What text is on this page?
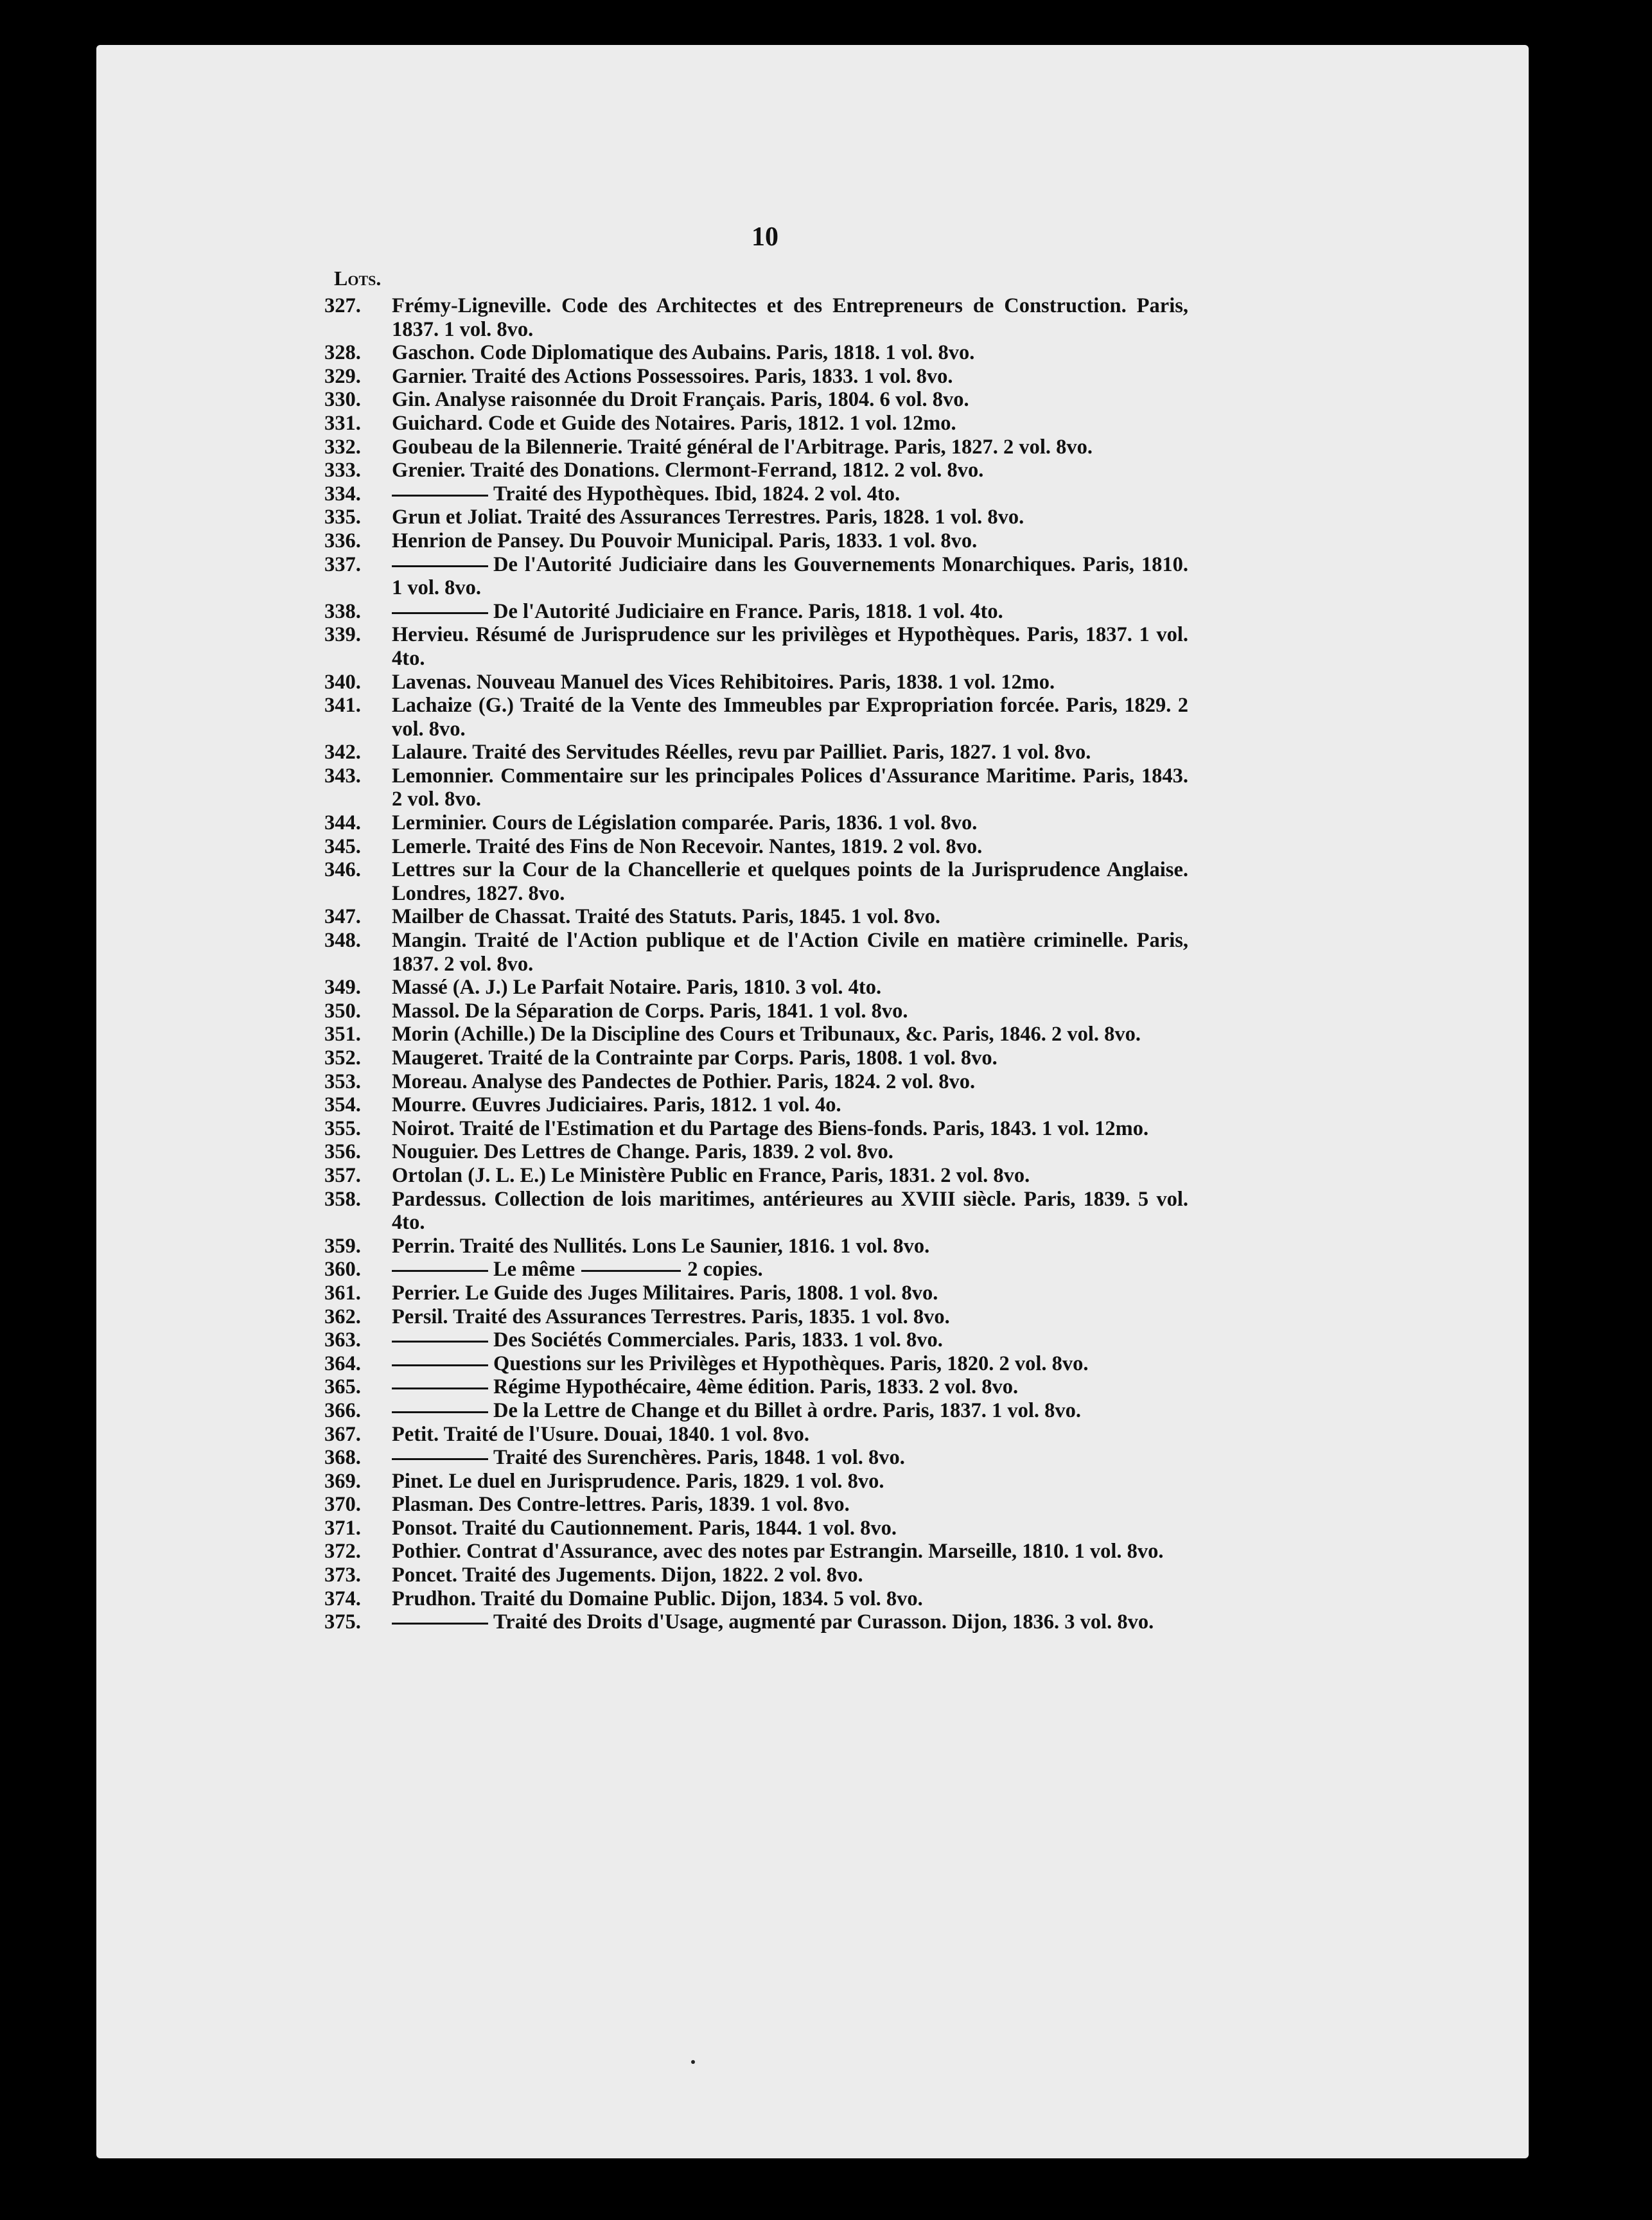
10
Lots.
327.	Frémy-Ligneville. Code des Architectes et des Entrepreneurs de Construction. Paris, 1837. 1 vol. 8vo.
328.	Gaschon. Code Diplomatique des Aubains. Paris, 1818. 1 vol. 8vo.
329.	Garnier. Traité des Actions Possessoires. Paris, 1833. 1 vol. 8vo.
330.	Gin. Analyse raisonnée du Droit Français. Paris, 1804. 6 vol. 8vo.
331.	Guichard. Code et Guide des Notaires. Paris, 1812. 1 vol. 12mo.
332.	Goubeau de la Bilennerie. Traité général de l'Arbitrage. Paris, 1827. 2 vol. 8vo.
333.	Grenier. Traité des Donations. Clermont-Ferrand, 1812. 2 vol. 8vo.
334.	Traité des Hypothèques. Ibid, 1824. 2 vol. 4to.
335.	Grun et Joliat. Traité des Assurances Terrestres. Paris, 1828. 1 vol. 8vo.
336.	Henrion de Pansey. Du Pouvoir Municipal. Paris, 1833. 1 vol. 8vo.
337.	De l'Autorité Judiciaire dans les Gouvernements Monarchiques. Paris, 1810. 1 vol. 8vo.
338.	De l'Autorité Judiciaire en France. Paris, 1818. 1 vol. 4to.
339.	Hervieu. Résumé de Jurisprudence sur les privilèges et Hypothèques. Paris, 1837. 1 vol. 4to.
340.	Lavenas. Nouveau Manuel des Vices Rehibitoires. Paris, 1838. 1 vol. 12mo.
341.	Lachaize (G.) Traité de la Vente des Immeubles par Expropriation forcée. Paris, 1829. 2 vol. 8vo.
342.	Lalaure. Traité des Servitudes Réelles, revu par Pailliet. Paris, 1827. 1 vol. 8vo.
343.	Lemonnier. Commentaire sur les principales Polices d'Assurance Maritime. Paris, 1843. 2 vol. 8vo.
344.	Lerminier. Cours de Législation comparée. Paris, 1836. 1 vol. 8vo.
345.	Lemerle. Traité des Fins de Non Recevoir. Nantes, 1819. 2 vol. 8vo.
346.	Lettres sur la Cour de la Chancellerie et quelques points de la Jurisprudence Anglaise. Londres, 1827. 8vo.
347.	Mailber de Chassat. Traité des Statuts. Paris, 1845. 1 vol. 8vo.
348.	Mangin. Traité de l'Action publique et de l'Action Civile en matière criminelle. Paris, 1837. 2 vol. 8vo.
349.	Massé (A. J.) Le Parfait Notaire. Paris, 1810. 3 vol. 4to.
350.	Massol. De la Séparation de Corps. Paris, 1841. 1 vol. 8vo.
351.	Morin (Achille.) De la Discipline des Cours et Tribunaux, &c. Paris, 1846. 2 vol. 8vo.
352.	Maugeret. Traité de la Contrainte par Corps. Paris, 1808. 1 vol. 8vo.
353.	Moreau. Analyse des Pandectes de Pothier. Paris, 1824. 2 vol. 8vo.
354.	Mourre. Œuvres Judiciaires. Paris, 1812. 1 vol. 4o.
355.	Noirot. Traité de l'Estimation et du Partage des Biens-fonds. Paris, 1843. 1 vol. 12mo.
356.	Nouguier. Des Lettres de Change. Paris, 1839. 2 vol. 8vo.
357.	Ortolan (J. L. E.) Le Ministère Public en France, Paris, 1831. 2 vol. 8vo.
358.	Pardessus. Collection de lois maritimes, antérieures au XVIII siècle. Paris, 1839. 5 vol. 4to.
359.	Perrin. Traité des Nullités. Lons Le Saunier, 1816. 1 vol. 8vo.
360.	Le même	2 copies.
361.	Perrier. Le Guide des Juges Militaires. Paris, 1808. 1 vol. 8vo.
362.	Persil. Traité des Assurances Terrestres. Paris, 1835. 1 vol. 8vo.
363.	Des Sociétés Commerciales. Paris, 1833. 1 vol. 8vo.
364.	Questions sur les Privilèges et Hypothèques. Paris, 1820. 2 vol. 8vo.
365.	Régime Hypothécaire, 4ème édition. Paris, 1833. 2 vol. 8vo.
366.	De la Lettre de Change et du Billet à ordre. Paris, 1837. 1 vol. 8vo.
367.	Petit. Traité de l'Usure. Douai, 1840. 1 vol. 8vo.
368.	Traité des Surenchères. Paris, 1848. 1 vol. 8vo.
369.	Pinet. Le duel en Jurisprudence. Paris, 1829. 1 vol. 8vo.
370.	Plasman. Des Contre-lettres. Paris, 1839. 1 vol. 8vo.
371.	Ponsot. Traité du Cautionnement. Paris, 1844. 1 vol. 8vo.
372.	Pothier. Contrat d'Assurance, avec des notes par Estrangin. Marseille, 1810. 1 vol. 8vo.
373.	Poncet. Traité des Jugements. Dijon, 1822. 2 vol. 8vo.
374.	Prudhon. Traité du Domaine Public. Dijon, 1834. 5 vol. 8vo.
375.	Traité des Droits d'Usage, augmenté par Curasson. Dijon, 1836. 3 vol. 8vo.
